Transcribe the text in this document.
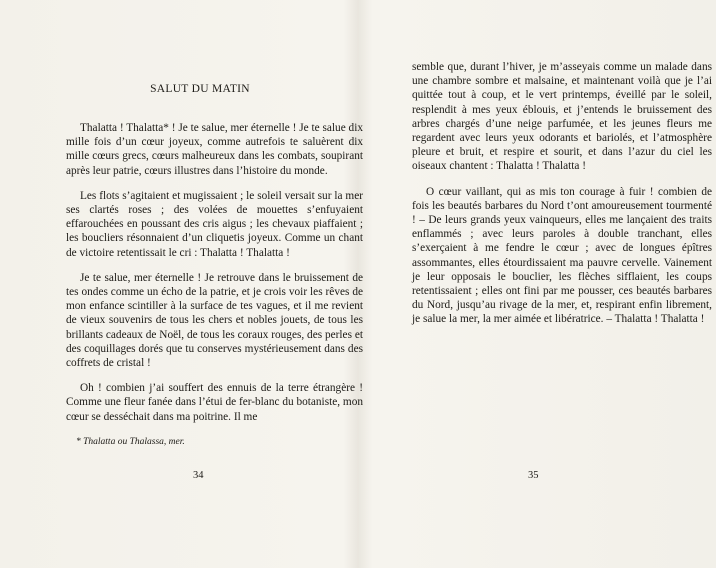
SALUT DU MATIN

Thalatta ! Thalatta* ! Je te salue, mer éternelle ! Je te salue dix mille fois d’un cœur joyeux, comme autrefois te saluèrent dix mille cœurs grecs, cœurs malheureux dans les combats, soupirant après leur patrie, cœurs illustres dans l’histoire du monde.

Les flots s’agitaient et mugissaient ; le soleil versait sur la mer ses clartés roses ; des volées de mouettes s’enfuyaient effarouchées en poussant des cris aigus ; les chevaux piaffaient ; les boucliers résonnaient d’un cliquetis joyeux. Comme un chant de victoire retentissait le cri : Thalatta ! Thalatta !

Je te salue, mer éternelle ! Je retrouve dans le bruissement de tes ondes comme un écho de la patrie, et je crois voir les rêves de mon enfance scintiller à la surface de tes vagues, et il me revient de vieux souvenirs de tous les chers et nobles jouets, de tous les brillants cadeaux de Noël, de tous les coraux rouges, des perles et des coquillages dorés que tu conserves mystérieusement dans des coffrets de cristal !

Oh ! combien j’ai souffert des ennuis de la terre étrangère ! Comme une fleur fanée dans l’étui de fer-blanc du botaniste, mon cœur se desséchait dans ma poitrine. Il me

* Thalatta ou Thalassa, mer.
34

semble que, durant l’hiver, je m’asseyais comme un malade dans une chambre sombre et malsaine, et maintenant voilà que je l’ai quittée tout à coup, et le vert printemps, éveillé par le soleil, resplendit à mes yeux éblouis, et j’entends le bruissement des arbres chargés d’une neige parfumée, et les jeunes fleurs me regardent avec leurs yeux odorants et bariolés, et l’atmosphère pleure et bruit, et respire et sourit, et dans l’azur du ciel les oiseaux chantent : Thalatta ! Thalatta !

O cœur vaillant, qui as mis ton courage à fuir ! combien de fois les beautés barbares du Nord t’ont amoureusement tourmenté ! – De leurs grands yeux vainqueurs, elles me lançaient des traits enflammés ; avec leurs paroles à double tranchant, elles s’exerçaient à me fendre le cœur ; avec de longues épîtres assommantes, elles étourdissaient ma pauvre cervelle. Vainement je leur opposais le bouclier, les flèches sifflaient, les coups retentissaient ; elles ont fini par me pousser, ces beautés barbares du Nord, jusqu’au rivage de la mer, et, respirant enfin librement, je salue la mer, la mer aimée et libératrice. – Thalatta ! Thalatta !

35
